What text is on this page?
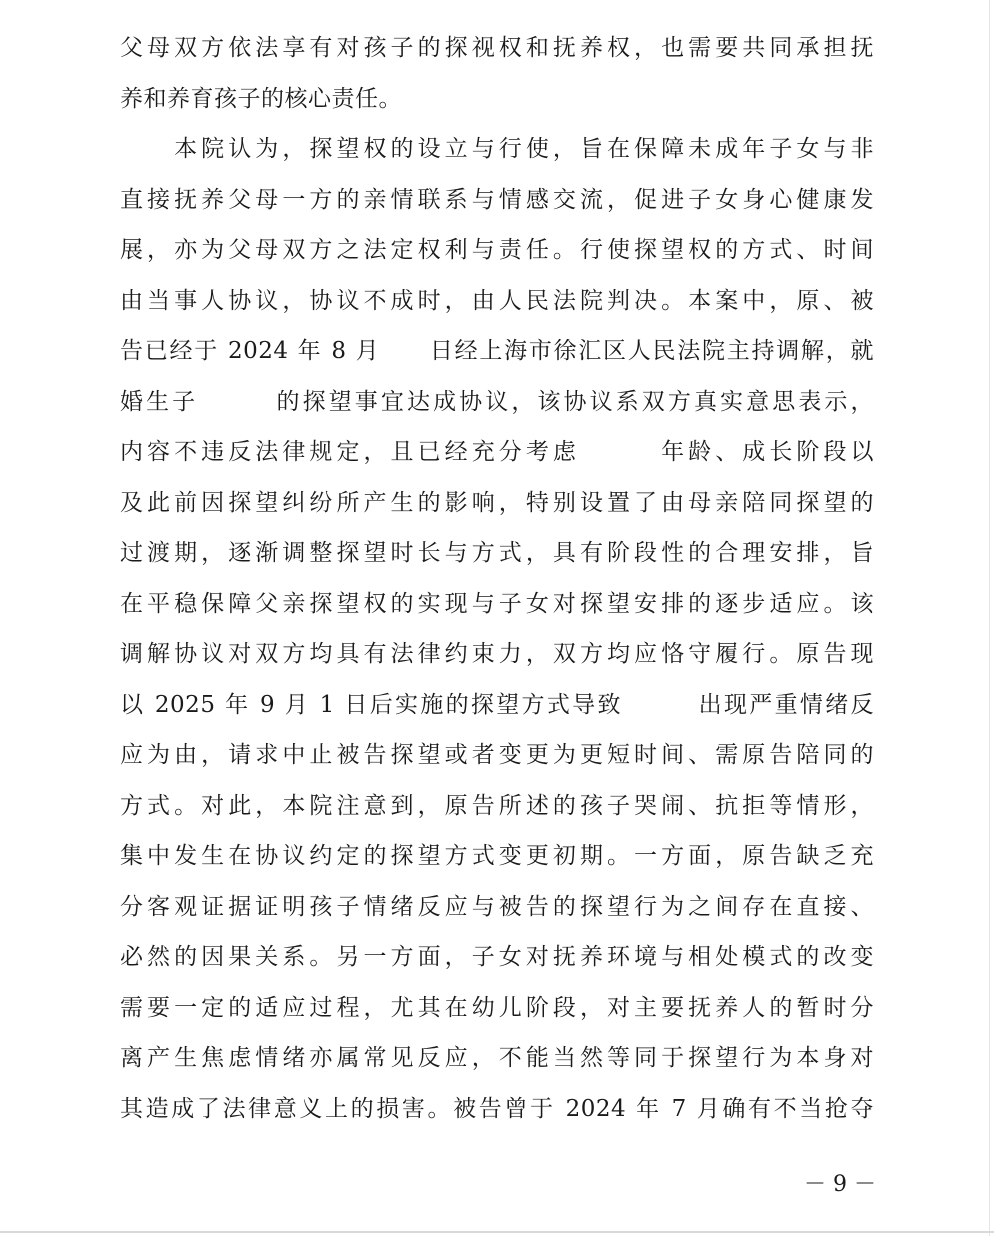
父母双方依法享有对孩子的探视权和抚养权，也需要共同承担抚
养和养育孩子的核心责任。
　　本院认为，探望权的设立与行使，旨在保障未成年子女与非
直接抚养父母一方的亲情联系与情感交流，促进子女身心健康发
展，亦为父母双方之法定权利与责任。行使探望权的方式、时间
由当事人协议，协议不成时，由人民法院判决。本案中，原、被
告已经于 2024 年 8 月　　日经上海市徐汇区人民法院主持调解，就
婚生子　　　的探望事宜达成协议，该协议系双方真实意思表示，
内容不违反法律规定，且已经充分考虑　　　年龄、成长阶段以
及此前因探望纠纷所产生的影响，特别设置了由母亲陪同探望的
过渡期，逐渐调整探望时长与方式，具有阶段性的合理安排，旨
在平稳保障父亲探望权的实现与子女对探望安排的逐步适应。该
调解协议对双方均具有法律约束力，双方均应恪守履行。原告现
以 2025 年 9 月 1 日后实施的探望方式导致　　　出现严重情绪反
应为由，请求中止被告探望或者变更为更短时间、需原告陪同的
方式。对此，本院注意到，原告所述的孩子哭闹、抗拒等情形，
集中发生在协议约定的探望方式变更初期。一方面，原告缺乏充
分客观证据证明孩子情绪反应与被告的探望行为之间存在直接、
必然的因果关系。另一方面，子女对抚养环境与相处模式的改变
需要一定的适应过程，尤其在幼儿阶段，对主要抚养人的暂时分
离产生焦虑情绪亦属常见反应，不能当然等同于探望行为本身对
其造成了法律意义上的损害。被告曾于 2024 年 7 月确有不当抢夺
－ 9 －
